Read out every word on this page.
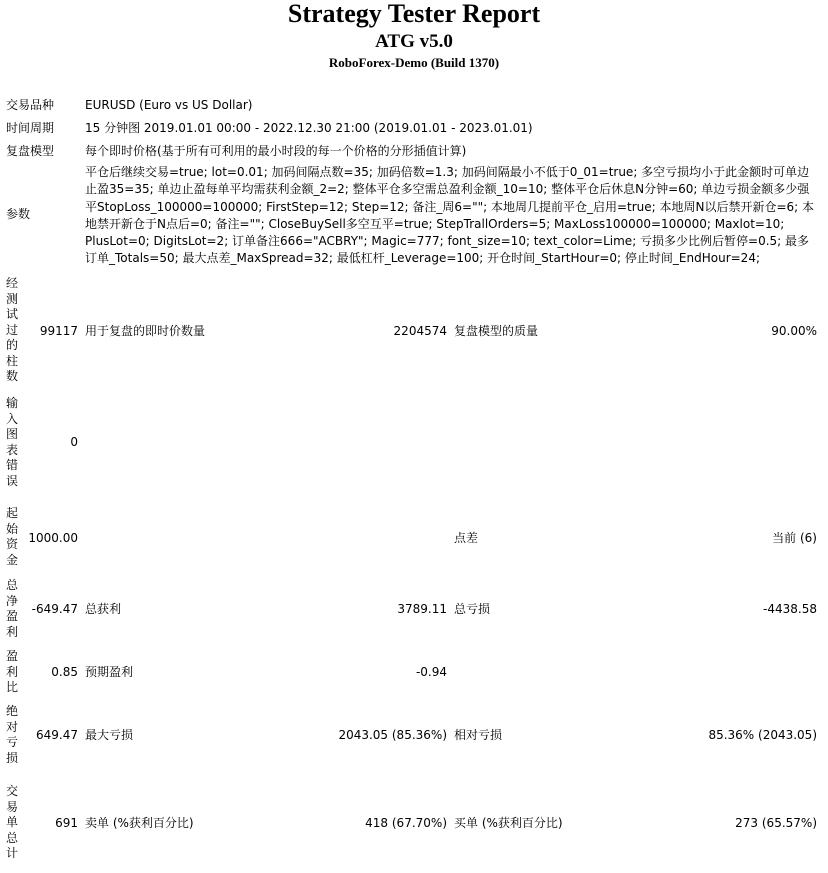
Strategy Tester Report
ATG v5.0
RoboForex-Demo (Build 1370)
交易品种	EURUSD (Euro vs US Dollar)
时间周期	15 分钟图 2019.01.01 00:00 - 2022.12.30 21:00 (2019.01.01 - 2023.01.01)
复盘模型	每个即时价格(基于所有可利用的最小时段的每一个价格的分形插值计算)
参数
平仓后继续交易=true; lot=0.01; 加码间隔点数=35; 加码倍数=1.3; 加码间隔最小不低于0_01=true; 多空亏损均小于此金额时可单边止盈35=35; 单边止盈每单平均需获利金额_2=2; 整体平仓多空需总盈利金额_10=10; 整体平仓后休息N分钟=60; 单边亏损金额多少强平StopLoss_100000=100000; FirstStep=12; Step=12; 备注_周6=""; 本地周几提前平仓_启用=true; 本地周N以后禁开新仓=6; 本地禁开新仓于N点后=0; 备注=""; CloseBuySell多空互平=true; StepTrallOrders=5; MaxLoss100000=100000; Maxlot=10; PlusLot=0; DigitsLot=2; 订单备注666="ACBRY"; Magic=777; font_size=10; text_color=Lime; 亏损多少比例后暂停=0.5; 最多订单_Totals=50; 最大点差_MaxSpread=32; 最低杠杆_Leverage=100; 开仓时间_StartHour=0; 停止时间_EndHour=24;
经测试过的柱数
99117 用于复盘的即时价数量	2204574 复盘模型的质量	90.00%
输入图表错误
0
起始资金
1000.00	点差	当前 (6)
总净盈利
-649.47 总获利	3789.11 总亏损	-4438.58
盈利比
0.85 预期盈利	-0.94
绝对亏损
649.47 最大亏损	2043.05 (85.36%) 相对亏损	85.36% (2043.05)
交易单总计
691 卖单 (%获利百分比)	418 (67.70%) 买单 (%获利百分比)	273 (65.57%)
